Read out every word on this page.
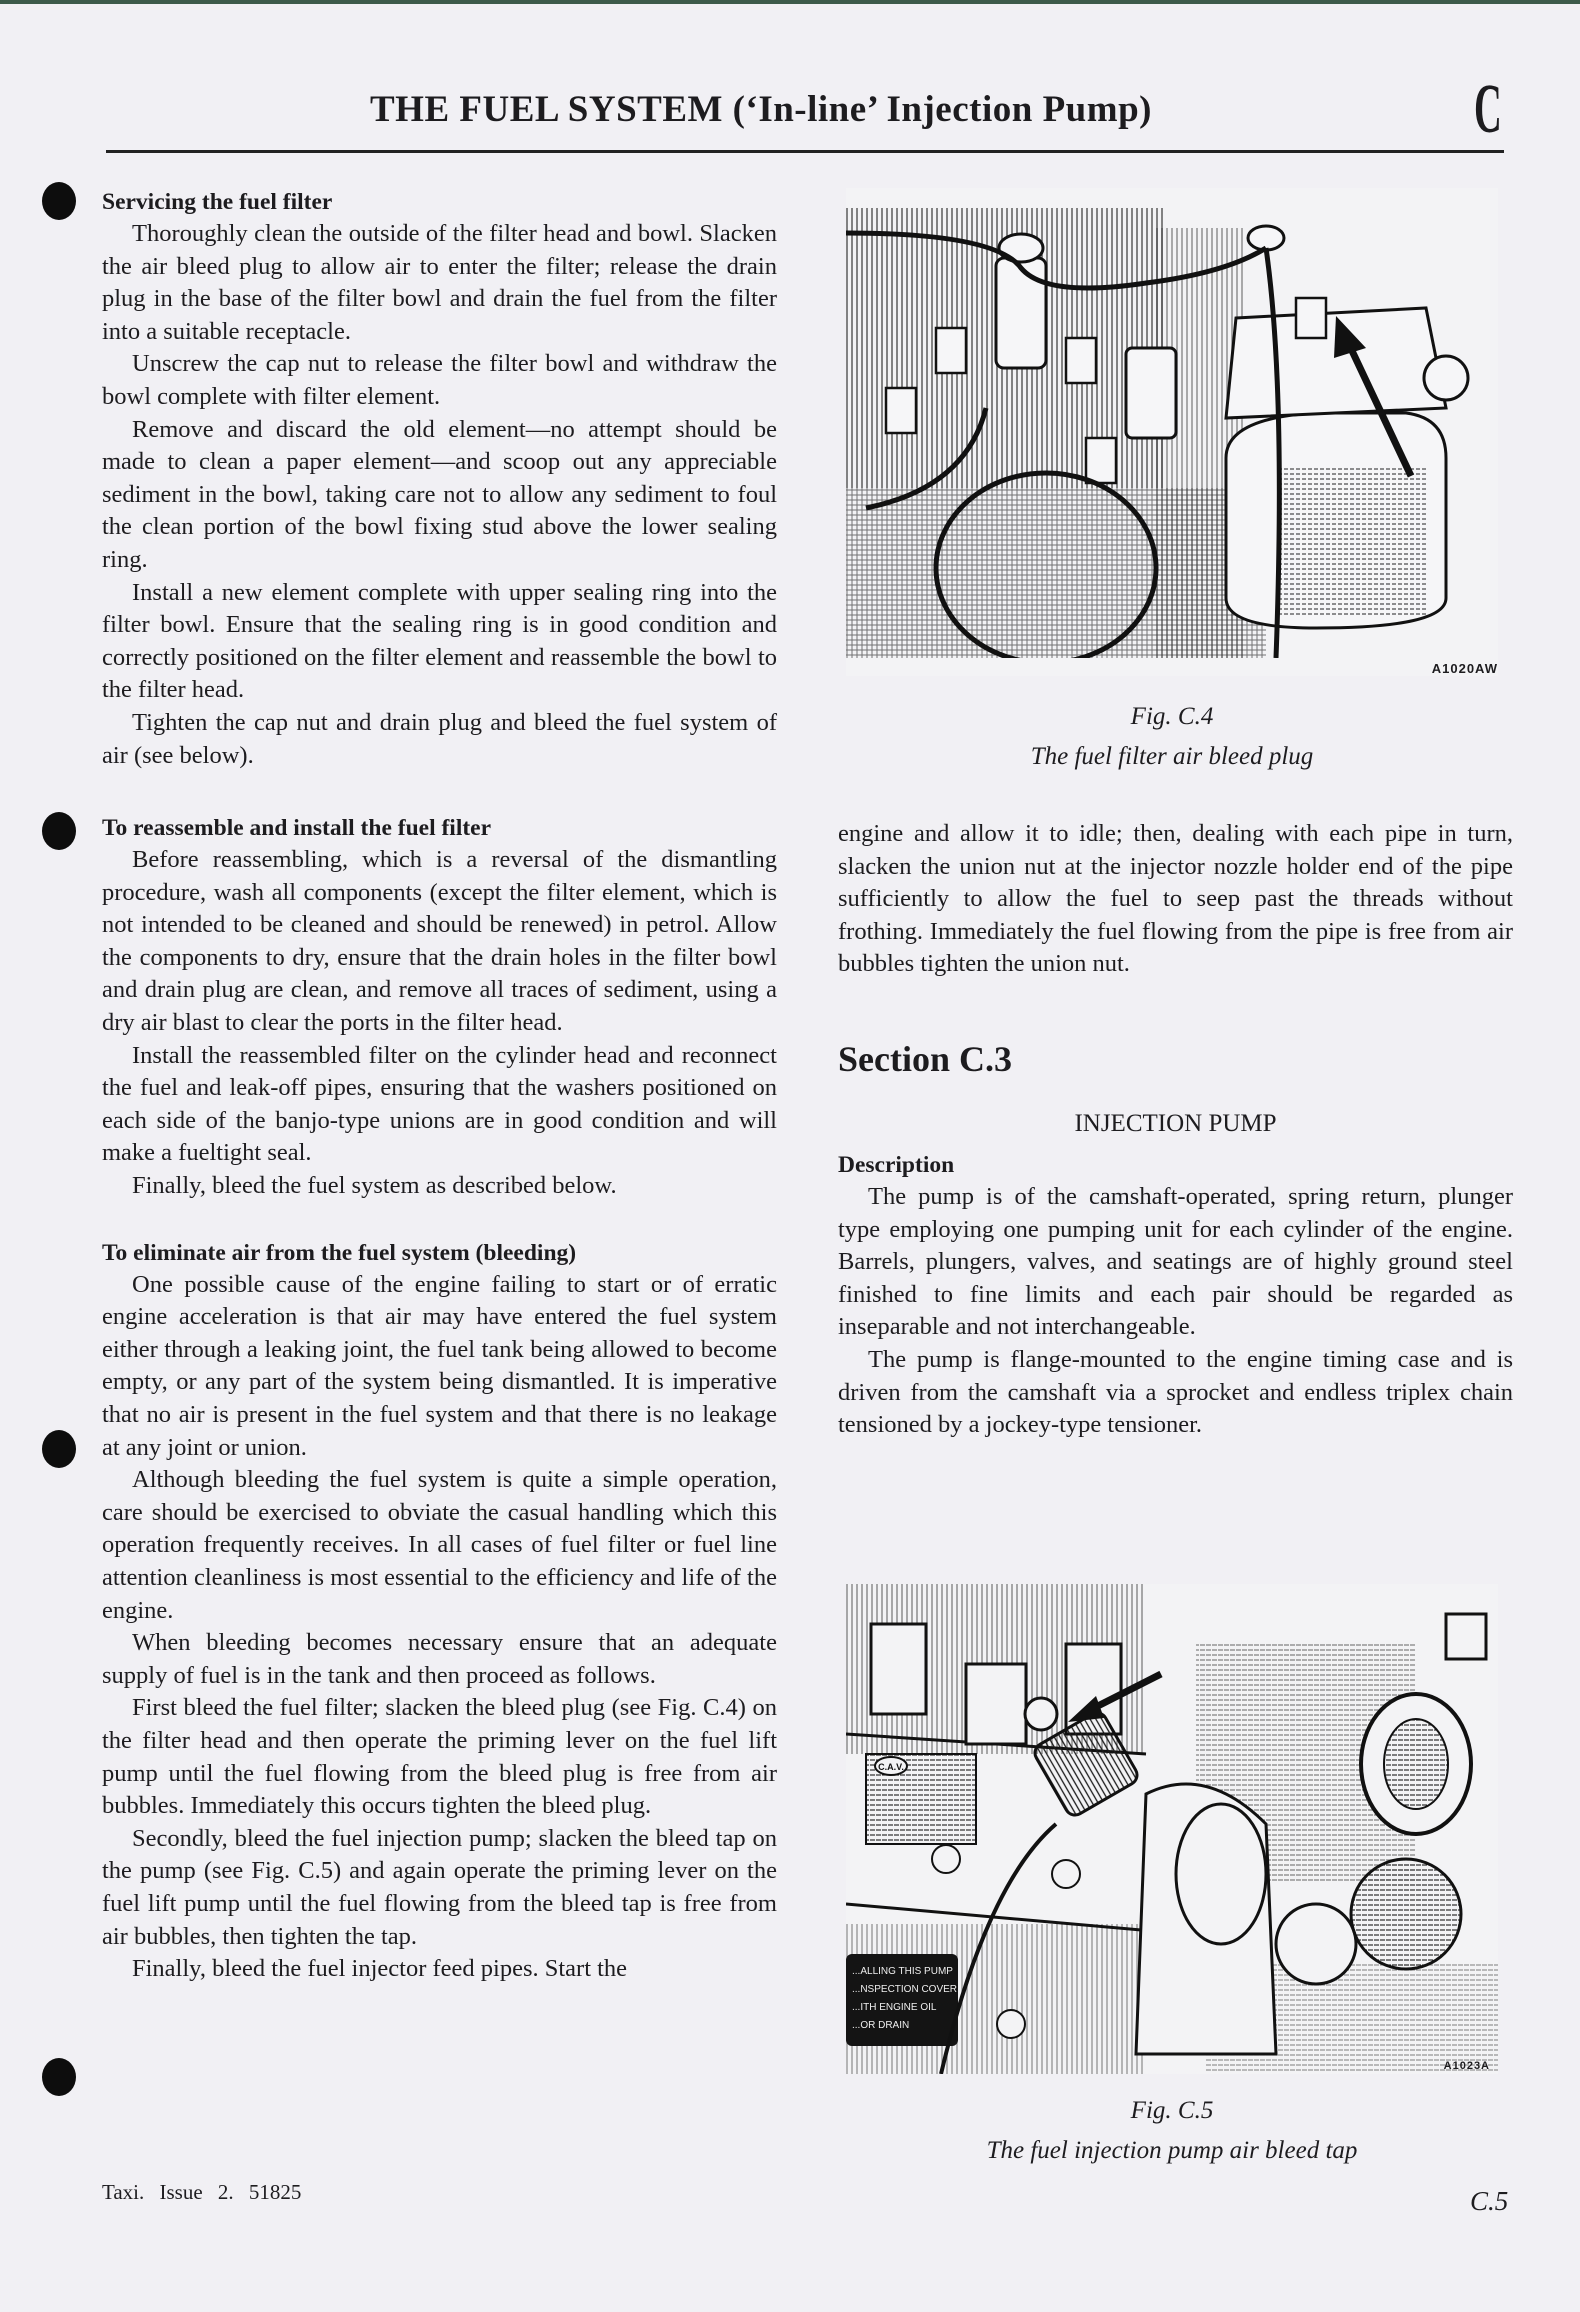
THE FUEL SYSTEM (‘In-line’ Injection Pump)	C
Servicing the fuel filter

Thoroughly clean the outside of the filter head and bowl. Slacken the air bleed plug to allow air to enter the filter; release the drain plug in the base of the filter bowl and drain the fuel from the filter into a suitable receptacle.

Unscrew the cap nut to release the filter bowl and withdraw the bowl complete with filter element.

Remove and discard the old element—no attempt should be made to clean a paper element—and scoop out any appreciable sediment in the bowl, taking care not to allow any sediment to foul the clean portion of the bowl fixing stud above the lower sealing ring.

Install a new element complete with upper sealing ring into the filter bowl. Ensure that the sealing ring is in good condition and correctly positioned on the filter element and reassemble the bowl to the filter head.

Tighten the cap nut and drain plug and bleed the fuel system of air (see below).

To reassemble and install the fuel filter

Before reassembling, which is a reversal of the dismantling procedure, wash all components (except the filter element, which is not intended to be cleaned and should be renewed) in petrol. Allow the components to dry, ensure that the drain holes in the filter bowl and drain plug are clean, and remove all traces of sediment, using a dry air blast to clear the ports in the filter head.

Install the reassembled filter on the cylinder head and reconnect the fuel and leak-off pipes, ensuring that the washers positioned on each side of the banjo-type unions are in good condition and will make a fueltight seal.

Finally, bleed the fuel system as described below.

To eliminate air from the fuel system (bleeding)

One possible cause of the engine failing to start or of erratic engine acceleration is that air may have entered the fuel system either through a leaking joint, the fuel tank being allowed to become empty, or any part of the system being dismantled. It is imperative that no air is present in the fuel system and that there is no leakage at any joint or union.

Although bleeding the fuel system is quite a simple operation, care should be exercised to obviate the casual handling which this operation frequently receives. In all cases of fuel filter or fuel line attention cleanliness is most essential to the efficiency and life of the engine.

When bleeding becomes necessary ensure that an adequate supply of fuel is in the tank and then proceed as follows.

First bleed the fuel filter; slacken the bleed plug (see Fig. C.4) on the filter head and then operate the priming lever on the fuel lift pump until the fuel flowing from the bleed plug is free from air bubbles. Immediately this occurs tighten the bleed plug.

Secondly, bleed the fuel injection pump; slacken the bleed tap on the pump (see Fig. C.5) and again operate the priming lever on the fuel lift pump until the fuel flowing from the bleed tap is free from air bubbles, then tighten the tap.

Finally, bleed the fuel injector feed pipes. Start the

A1020AW
Fig. C.4
The fuel filter air bleed plug

engine and allow it to idle; then, dealing with each pipe in turn, slacken the union nut at the injector nozzle holder end of the pipe sufficiently to allow the fuel to seep past the threads without frothing. Immediately the fuel flowing from the pipe is free from air bubbles tighten the union nut.

Section C.3
INJECTION PUMP
Description

The pump is of the camshaft-operated, spring return, plunger type employing one pumping unit for each cylinder of the engine. Barrels, plungers, valves, and seatings are of highly ground steel finished to fine limits and each pair should be regarded as inseparable and not interchangeable.

The pump is flange-mounted to the engine timing case and is driven from the camshaft via a sprocket and endless triplex chain tensioned by a jockey-type tensioner.

C.A.V.
...ALLING THIS PUMP
...NSPECTION COVER
...ITH ENGINE OIL
...OR DRAIN
A1023A
Fig. C.5
The fuel injection pump air bleed tap
Taxi. Issue 2. 51825	C.5
